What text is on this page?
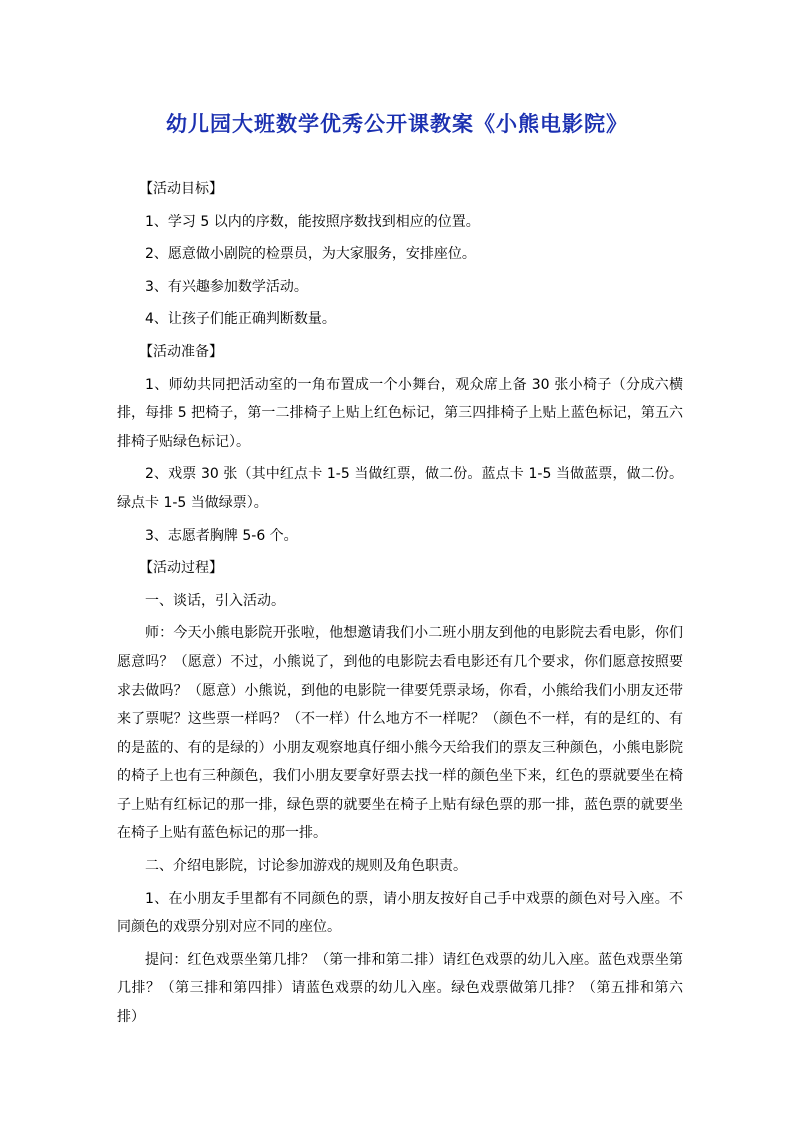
幼儿园大班数学优秀公开课教案《小熊电影院》

【活动目标】

1、学习 5 以内的序数，能按照序数找到相应的位置。

2、愿意做小剧院的检票员，为大家服务，安排座位。

3、有兴趣参加数学活动。

4、让孩子们能正确判断数量。

【活动准备】

1、师幼共同把活动室的一角布置成一个小舞台，观众席上备 30 张小椅子（分成六横排，每排 5 把椅子，第一二排椅子上贴上红色标记，第三四排椅子上贴上蓝色标记，第五六排椅子贴绿色标记）。

2、戏票 30 张（其中红点卡 1-5 当做红票，做二份。蓝点卡 1-5 当做蓝票，做二份。绿点卡 1-5 当做绿票）。

3、志愿者胸牌 5-6 个。

【活动过程】

一、谈话，引入活动。

师：今天小熊电影院开张啦，他想邀请我们小二班小朋友到他的电影院去看电影，你们愿意吗？（愿意）不过，小熊说了，到他的电影院去看电影还有几个要求，你们愿意按照要求去做吗？（愿意）小熊说，到他的电影院一律要凭票录场，你看，小熊给我们小朋友还带来了票呢？这些票一样吗？（不一样）什么地方不一样呢？（颜色不一样，有的是红的、有的是蓝的、有的是绿的）小朋友观察地真仔细小熊今天给我们的票友三种颜色，小熊电影院的椅子上也有三种颜色，我们小朋友要拿好票去找一样的颜色坐下来，红色的票就要坐在椅子上贴有红标记的那一排，绿色票的就要坐在椅子上贴有绿色票的那一排，蓝色票的就要坐在椅子上贴有蓝色标记的那一排。

二、介绍电影院，讨论参加游戏的规则及角色职责。

1、在小朋友手里都有不同颜色的票，请小朋友按好自己手中戏票的颜色对号入座。不同颜色的戏票分别对应不同的座位。

提问：红色戏票坐第几排？（第一排和第二排）请红色戏票的幼儿入座。蓝色戏票坐第几排？（第三排和第四排）请蓝色戏票的幼儿入座。绿色戏票做第几排？（第五排和第六排）
